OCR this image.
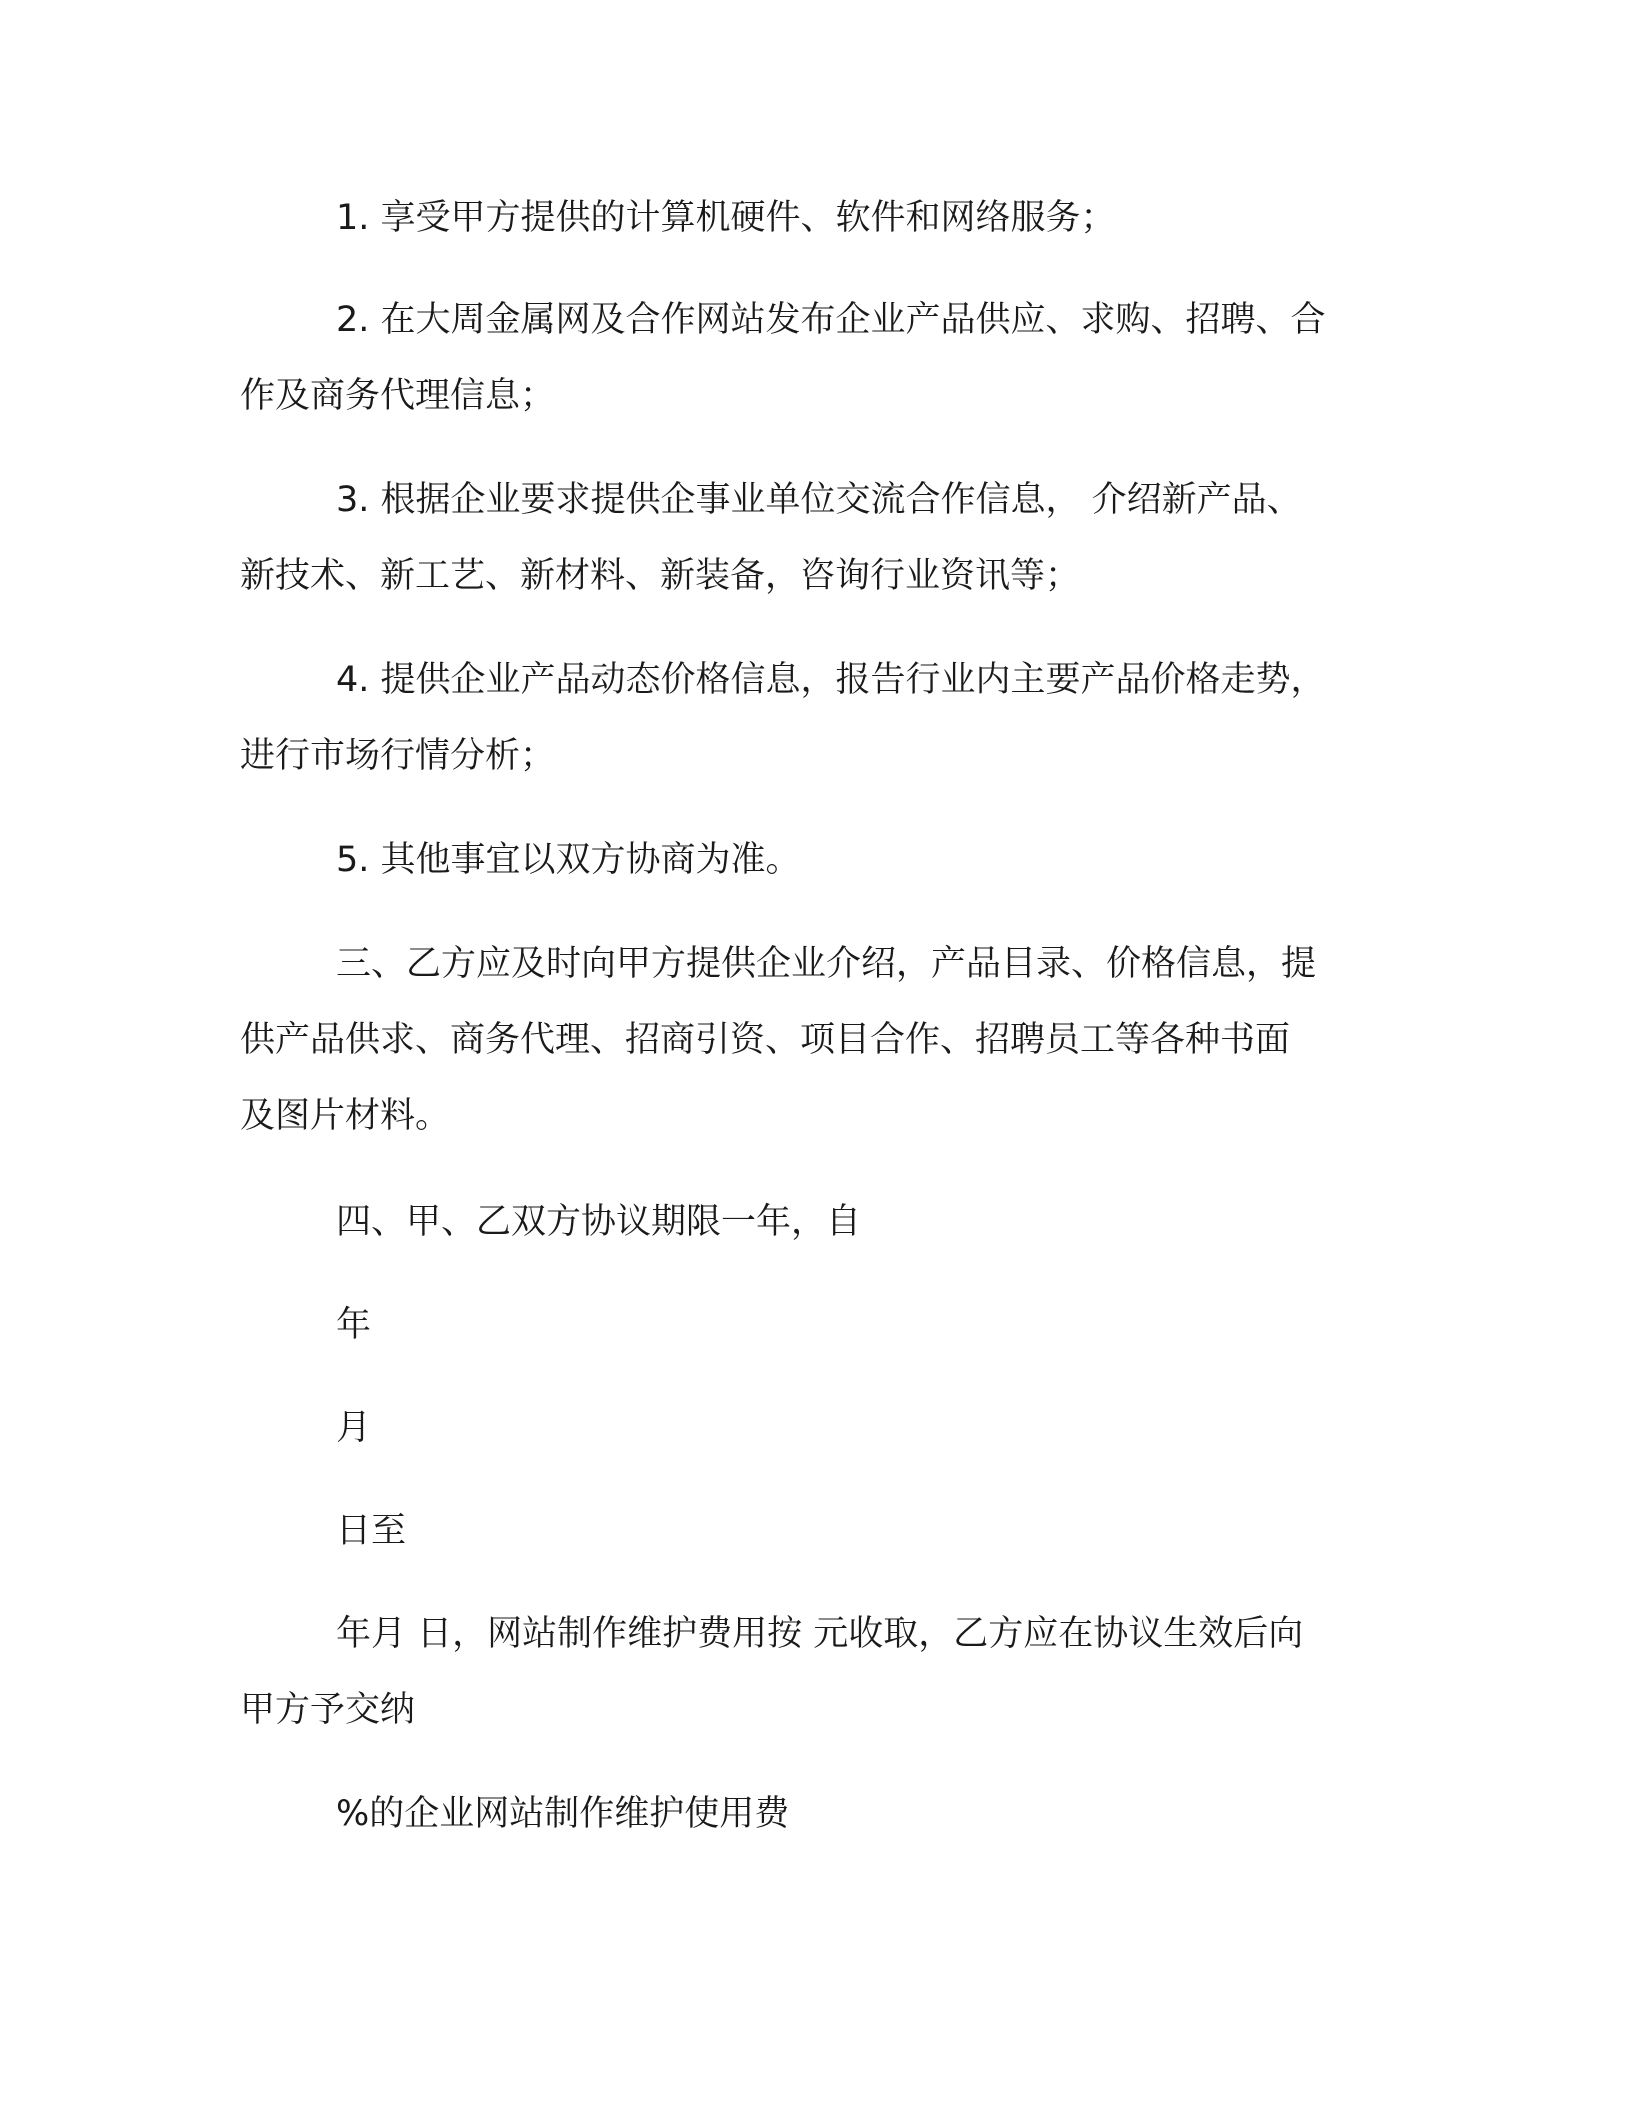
1. 享受甲方提供的计算机硬件、软件和网络服务；
2. 在大周金属网及合作网站发布企业产品供应、求购、招聘、合
作及商务代理信息；
3. 根据企业要求提供企事业单位交流合作信息， 介绍新产品、
新技术、新工艺、新材料、新装备，咨询行业资讯等；
4. 提供企业产品动态价格信息，报告行业内主要产品价格走势，
进行市场行情分析；
5. 其他事宜以双方协商为准。
三、乙方应及时向甲方提供企业介绍，产品目录、价格信息，提
供产品供求、商务代理、招商引资、项目合作、招聘员工等各种书面
及图片材料。
四、甲、乙双方协议期限一年，自
年
月
日至
年月 日，网站制作维护费用按 元收取，乙方应在协议生效后向
甲方予交纳
%的企业网站制作维护使用费
